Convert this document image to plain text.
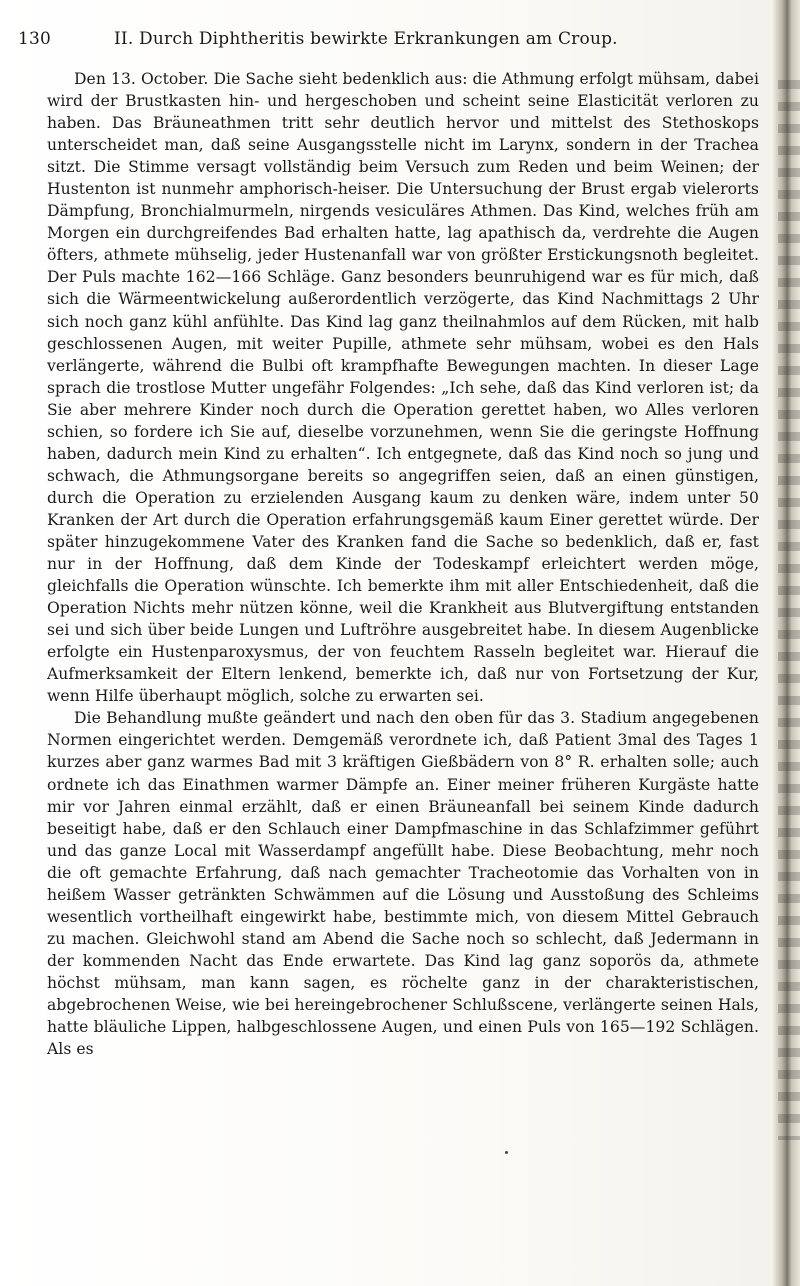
130	II. Durch Diphtheritis bewirkte Erkrankungen am Croup.

Den 13. October. Die Sache sieht bedenklich aus: die Athmung erfolgt mühsam, dabei wird der Brustkasten hin- und hergeschoben und scheint seine Elasticität verloren zu haben. Das Bräuneathmen tritt sehr deutlich hervor und mittelst des Stethoskops unterscheidet man, daß seine Ausgangsstelle nicht im Larynx, sondern in der Trachea sitzt. Die Stimme versagt vollständig beim Versuch zum Reden und beim Weinen; der Hustenton ist nunmehr amphorisch-heiser. Die Untersuchung der Brust ergab vielerorts Dämpfung, Bronchialmurmeln, nirgends vesiculäres Athmen. Das Kind, welches früh am Morgen ein durchgreifendes Bad erhalten hatte, lag apathisch da, verdrehte die Augen öfters, athmete mühselig, jeder Hustenanfall war von größter Erstickungsnoth begleitet. Der Puls machte 162—166 Schläge. Ganz besonders beunruhigend war es für mich, daß sich die Wärmeentwickelung außerordentlich verzögerte, das Kind Nachmittags 2 Uhr sich noch ganz kühl anfühlte. Das Kind lag ganz theilnahmlos auf dem Rücken, mit halb geschlossenen Augen, mit weiter Pupille, athmete sehr mühsam, wobei es den Hals verlängerte, während die Bulbi oft krampfhafte Bewegungen machten. In dieser Lage sprach die trostlose Mutter ungefähr Folgendes: „Ich sehe, daß das Kind verloren ist; da Sie aber mehrere Kinder noch durch die Operation gerettet haben, wo Alles verloren schien, so fordere ich Sie auf, dieselbe vorzunehmen, wenn Sie die geringste Hoffnung haben, dadurch mein Kind zu erhalten“. Ich entgegnete, daß das Kind noch so jung und schwach, die Athmungsorgane bereits so angegriffen seien, daß an einen günstigen, durch die Operation zu erzielenden Ausgang kaum zu denken wäre, indem unter 50 Kranken der Art durch die Operation erfahrungsgemäß kaum Einer gerettet würde. Der später hinzugekommene Vater des Kranken fand die Sache so bedenklich, daß er, fast nur in der Hoffnung, daß dem Kinde der Todeskampf erleichtert werden möge, gleichfalls die Operation wünschte. Ich bemerkte ihm mit aller Entschiedenheit, daß die Operation Nichts mehr nützen könne, weil die Krankheit aus Blutvergiftung entstanden sei und sich über beide Lungen und Luftröhre ausgebreitet habe. In diesem Augenblicke erfolgte ein Hustenparoxysmus, der von feuchtem Rasseln begleitet war. Hierauf die Aufmerksamkeit der Eltern lenkend, bemerkte ich, daß nur von Fortsetzung der Kur, wenn Hilfe überhaupt möglich, solche zu erwarten sei.

Die Behandlung mußte geändert und nach den oben für das 3. Stadium angegebenen Normen eingerichtet werden. Demgemäß verordnete ich, daß Patient 3mal des Tages 1 kurzes aber ganz warmes Bad mit 3 kräftigen Gießbädern von 8° R. erhalten solle; auch ordnete ich das Einathmen warmer Dämpfe an. Einer meiner früheren Kurgäste hatte mir vor Jahren einmal erzählt, daß er einen Bräuneanfall bei seinem Kinde dadurch beseitigt habe, daß er den Schlauch einer Dampfmaschine in das Schlafzimmer geführt und das ganze Local mit Wasserdampf angefüllt habe. Diese Beobachtung, mehr noch die oft gemachte Erfahrung, daß nach gemachter Tracheotomie das Vorhalten von in heißem Wasser getränkten Schwämmen auf die Lösung und Ausstoßung des Schleims wesentlich vortheilhaft eingewirkt habe, bestimmte mich, von diesem Mittel Gebrauch zu machen. Gleichwohl stand am Abend die Sache noch so schlecht, daß Jedermann in der kommenden Nacht das Ende erwartete. Das Kind lag ganz soporös da, athmete höchst mühsam, man kann sagen, es röchelte ganz in der charakteristischen, abgebrochenen Weise, wie bei hereingebrochener Schlußscene, verlängerte seinen Hals, hatte bläuliche Lippen, halbgeschlossene Augen, und einen Puls von 165—192 Schlägen. Als es
